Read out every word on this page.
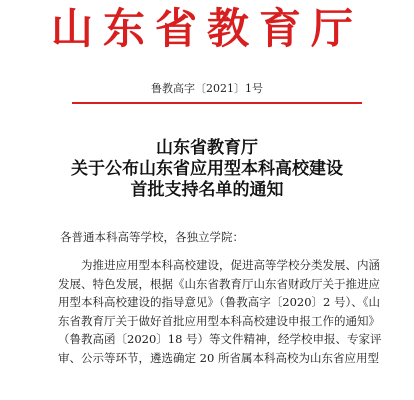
山东省教育厅
鲁教高字〔2021〕1号
山东省教育厅
关于公布山东省应用型本科高校建设
首批支持名单的通知
各普通本科高等学校，各独立学院：
为推进应用型本科高校建设，促进高等学校分类发展、内涵
发展、特色发展，根据《山东省教育厅山东省财政厅关于推进应
用型本科高校建设的指导意见》（鲁教高字〔2020〕2 号）、《山
东省教育厅关于做好首批应用型本科高校建设申报工作的通知》
（鲁教高函〔2020〕18 号）等文件精神，经学校申报、专家评
审、公示等环节，遴选确定 20 所省属本科高校为山东省应用型
